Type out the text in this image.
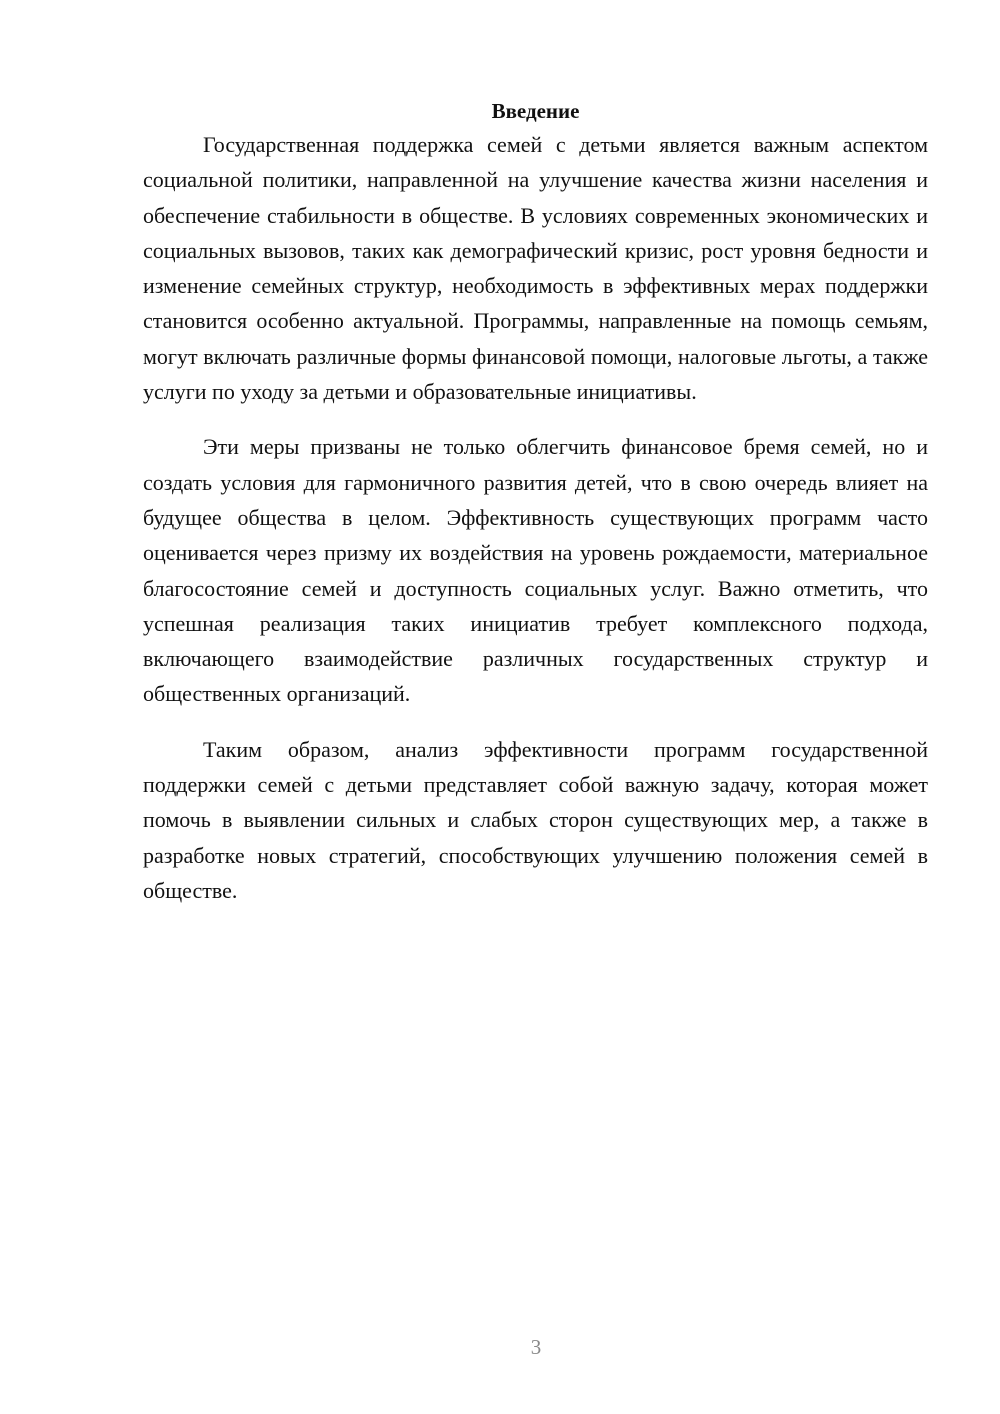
Введение

Государственная поддержка семей с детьми является важным аспектом социальной политики, направленной на улучшение качества жизни населения и обеспечение стабильности в обществе. В условиях современных экономических и социальных вызовов, таких как демографический кризис, рост уровня бедности и изменение семейных структур, необходимость в эффективных мерах поддержки становится особенно актуальной. Программы, направленные на помощь семьям, могут включать различные формы финансовой помощи, налоговые льготы, а также услуги по уходу за детьми и образовательные инициативы.

Эти меры призваны не только облегчить финансовое бремя семей, но и создать условия для гармоничного развития детей, что в свою очередь влияет на будущее общества в целом. Эффективность существующих программ часто оценивается через призму их воздействия на уровень рождаемости, материальное благосостояние семей и доступность социальных услуг. Важно отметить, что успешная реализация таких инициатив требует комплексного подхода, включающего взаимодействие различных государственных структур и общественных организаций.

Таким образом, анализ эффективности программ государственной поддержки семей с детьми представляет собой важную задачу, которая может помочь в выявлении сильных и слабых сторон существующих мер, а также в разработке новых стратегий, способствующих улучшению положения семей в обществе.

3
